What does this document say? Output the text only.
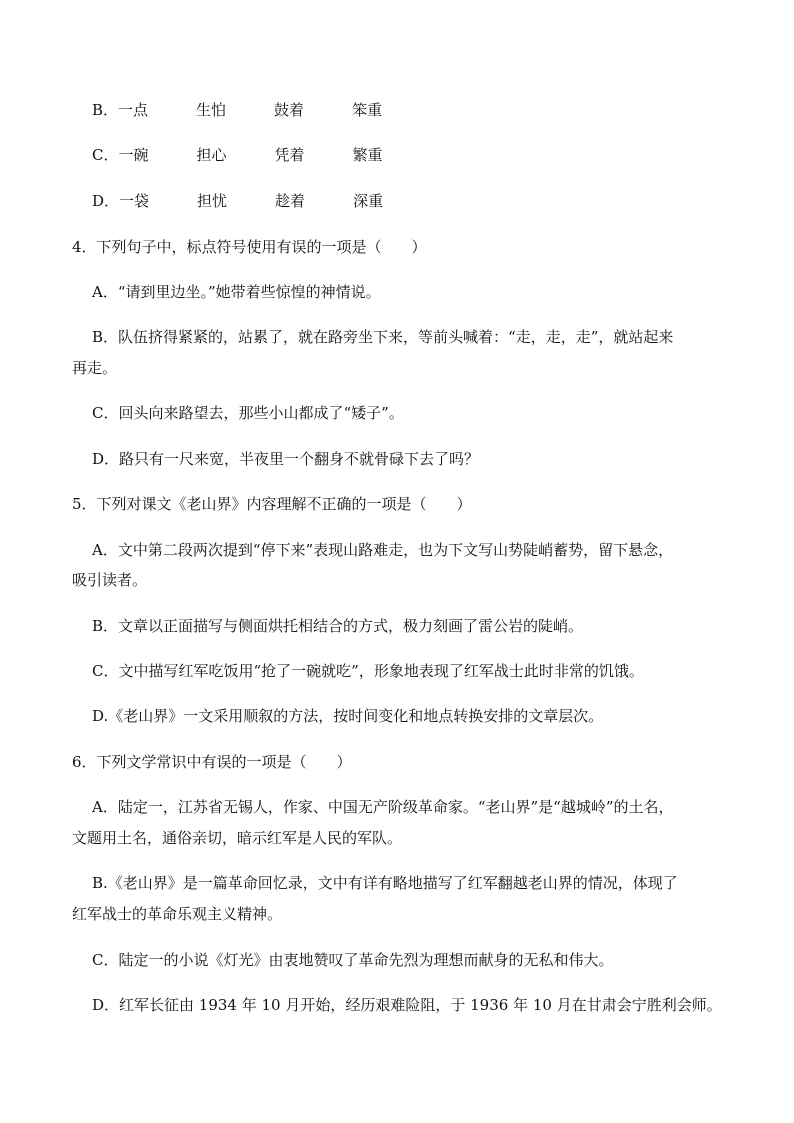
B．一点	生怕	鼓着	笨重
C．一碗	担心	凭着	繁重
D．一袋	担忧	趁着	深重
4．下列句子中，标点符号使用有误的一项是（　　）
A．“请到里边坐。”她带着些惊惶的神情说。
B．队伍挤得紧紧的，站累了，就在路旁坐下来，等前头喊着：“走，走，走”，就站起来
再走。
C．回头向来路望去，那些小山都成了“矮子”。
D．路只有一尺来宽，半夜里一个翻身不就骨碌下去了吗？
5．下列对课文《老山界》内容理解不正确的一项是（　　）
A．文中第二段两次提到“停下来”表现山路难走，也为下文写山势陡峭蓄势，留下悬念，
吸引读者。
B．文章以正面描写与侧面烘托相结合的方式，极力刻画了雷公岩的陡峭。
C．文中描写红军吃饭用“抢了一碗就吃”，形象地表现了红军战士此时非常的饥饿。
D.《老山界》一文采用顺叙的方法，按时间变化和地点转换安排的文章层次。
6．下列文学常识中有误的一项是（　　）
A．陆定一，江苏省无锡人，作家、中国无产阶级革命家。“老山界”是“越城岭”的土名，
文题用土名，通俗亲切，暗示红军是人民的军队。
B.《老山界》是一篇革命回忆录，文中有详有略地描写了红军翻越老山界的情况，体现了
红军战士的革命乐观主义精神。
C．陆定一的小说《灯光》由衷地赞叹了革命先烈为理想而献身的无私和伟大。
D．红军长征由 1934 年 10 月开始，经历艰难险阻，于 1936 年 10 月在甘肃会宁胜利会师。
